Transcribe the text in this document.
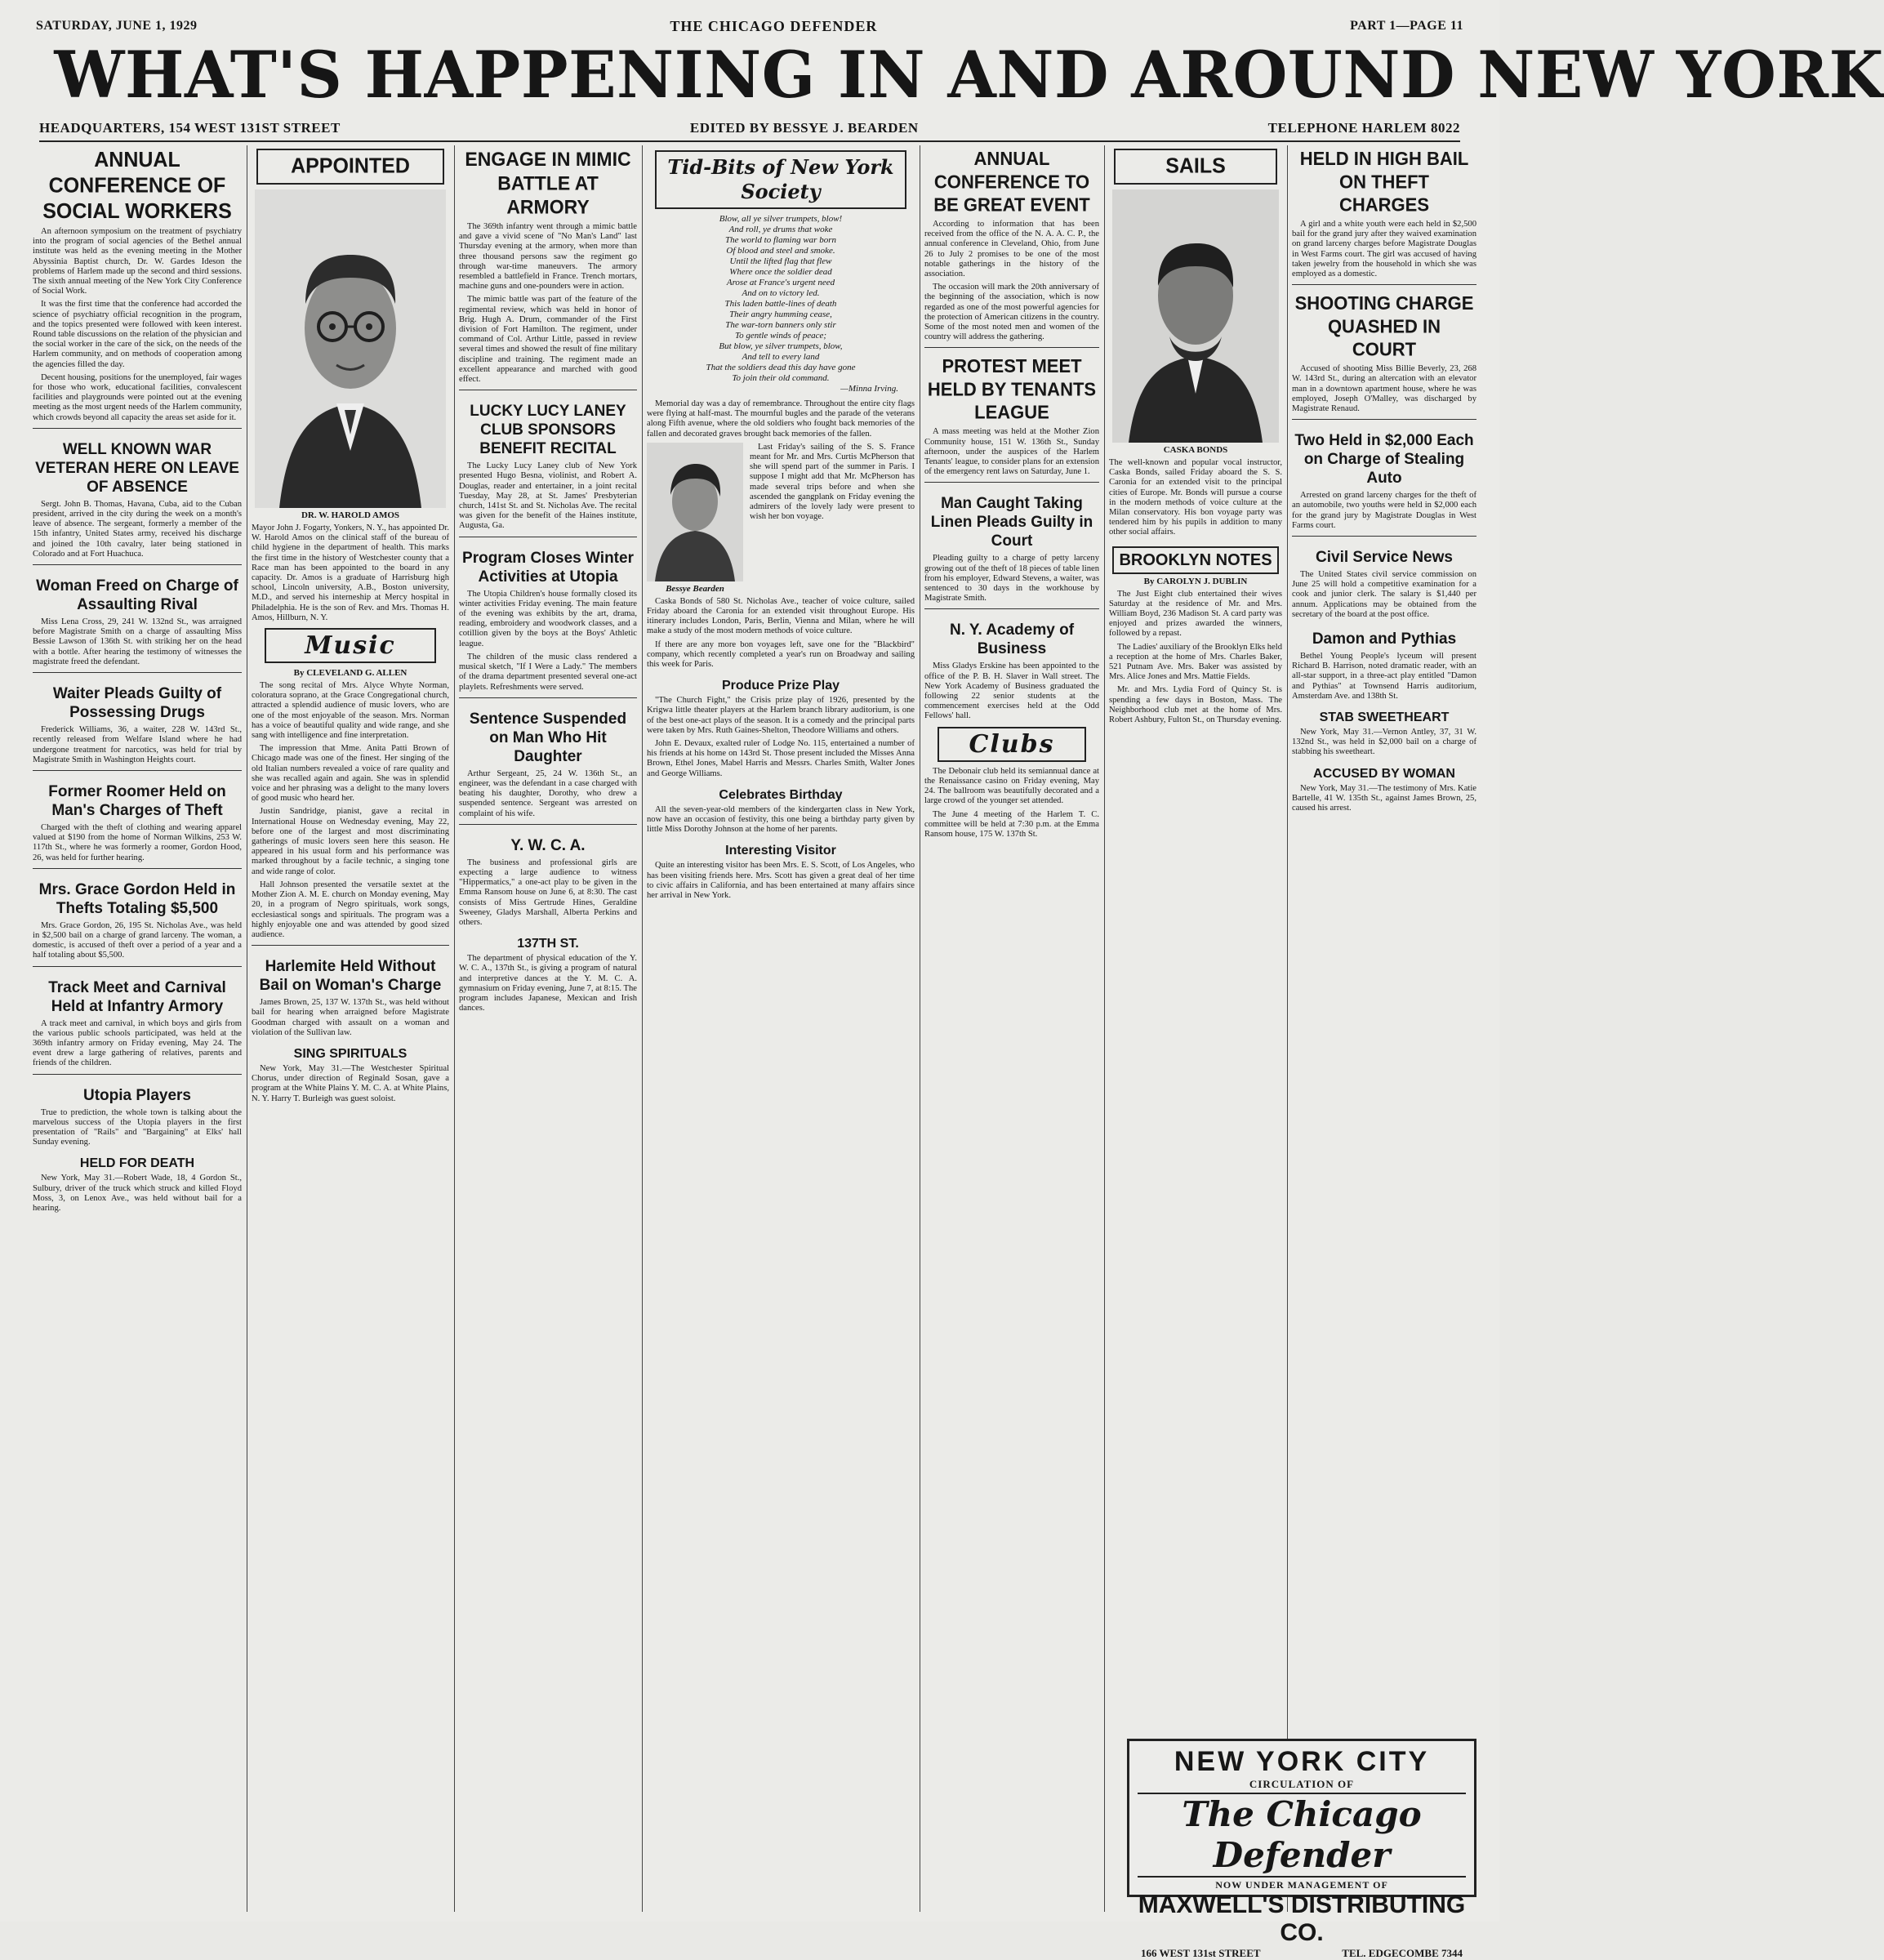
SATURDAY, JUNE 1, 1929	THE CHICAGO DEFENDER	PART 1—PAGE 11
WHAT'S HAPPENING IN AND AROUND NEW YORK
HEADQUARTERS, 154 WEST 131ST STREET	EDITED BY BESSYE J. BEARDEN	TELEPHONE HARLEM 8022
ANNUAL CONFERENCE OF SOCIAL WORKERS

An afternoon symposium on the treatment of psychiatry into the program of social agencies of the Bethel annual institute was held as the evening meeting in the Mother Abyssinia Baptist church, Dr. W. Gardes Ideson the problems of Harlem made up the second and third sessions. The sixth annual meeting of the New York City Conference of Social Work.

It was the first time that the conference had accorded the science of psychiatry official recognition in the program, and the topics presented were followed with keen interest. Round table discussions on the relation of the physician and the social worker in the care of the sick, on the needs of the Harlem community, and on methods of cooperation among the agencies filled the day.

Decent housing, positions for the unemployed, fair wages for those who work, educational facilities, convalescent facilities and playgrounds were pointed out at the evening meeting as the most urgent needs of the Harlem community, which crowds beyond all capacity the areas set aside for it.

WELL KNOWN WAR VETERAN HERE ON LEAVE OF ABSENCE

Sergt. John B. Thomas, Havana, Cuba, aid to the Cuban president, arrived in the city during the week on a month's leave of absence. The sergeant, formerly a member of the 15th infantry, United States army, received his discharge and joined the 10th cavalry, later being stationed in Colorado and at Fort Huachuca.

Woman Freed on Charge of Assaulting Rival

Miss Lena Cross, 29, 241 W. 132nd St., was arraigned before Magistrate Smith on a charge of assaulting Miss Bessie Lawson of 136th St. with striking her on the head with a bottle. After hearing the testimony of witnesses the magistrate freed the defendant.

Waiter Pleads Guilty of Possessing Drugs

Frederick Williams, 36, a waiter, 228 W. 143rd St., recently released from Welfare Island where he had undergone treatment for narcotics, was held for trial by Magistrate Smith in Washington Heights court.

Former Roomer Held on Man's Charges of Theft

Charged with the theft of clothing and wearing apparel valued at $190 from the home of Norman Wilkins, 253 W. 117th St., where he was formerly a roomer, Gordon Hood, 26, was held for further hearing.

Mrs. Grace Gordon Held in Thefts Totaling $5,500

Mrs. Grace Gordon, 26, 195 St. Nicholas Ave., was held in $2,500 bail on a charge of grand larceny. The woman, a domestic, is accused of theft over a period of a year and a half totaling about $5,500.

Track Meet and Carnival Held at Infantry Armory

A track meet and carnival, in which boys and girls from the various public schools participated, was held at the 369th infantry armory on Friday evening, May 24. The event drew a large gathering of relatives, parents and friends of the children.

Utopia Players

True to prediction, the whole town is talking about the marvelous success of the Utopia players in the first presentation of "Rails" and "Bargaining" at Elks' hall Sunday evening.

HELD FOR DEATH

New York, May 31.—Robert Wade, 18, 4 Gordon St., Sulbury, driver of the truck which struck and killed Floyd Moss, 3, on Lenox Ave., was held without bail for a hearing.

APPOINTED
DR. W. HAROLD AMOS
Mayor John J. Fogarty, Yonkers, N. Y., has appointed Dr. W. Harold Amos on the clinical staff of the bureau of child hygiene in the department of health. This marks the first time in the history of Westchester county that a Race man has been appointed to the board in any capacity. Dr. Amos is a graduate of Harrisburg high school, Lincoln university, A.B., Boston university, M.D., and served his interneship at Mercy hospital in Philadelphia. He is the son of Rev. and Mrs. Thomas H. Amos, Hillburn, N. Y.
Music
By CLEVELAND G. ALLEN

The song recital of Mrs. Alyce Whyte Norman, coloratura soprano, at the Grace Congregational church, attracted a splendid audience of music lovers, who are one of the most enjoyable of the season. Mrs. Norman has a voice of beautiful quality and wide range, and she sang with intelligence and fine interpretation.

The impression that Mme. Anita Patti Brown of Chicago made was one of the finest. Her singing of the old Italian numbers revealed a voice of rare quality and she was recalled again and again. She was in splendid voice and her phrasing was a delight to the many lovers of good music who heard her.

Justin Sandridge, pianist, gave a recital in International House on Wednesday evening, May 22, before one of the largest and most discriminating gatherings of music lovers seen here this season. He appeared in his usual form and his performance was marked throughout by a facile technic, a singing tone and wide range of color.

Hall Johnson presented the versatile sextet at the Mother Zion A. M. E. church on Monday evening, May 20, in a program of Negro spirituals, work songs, ecclesiastical songs and spirituals. The program was a highly enjoyable one and was attended by good sized audience.

Harlemite Held Without Bail on Woman's Charge

James Brown, 25, 137 W. 137th St., was held without bail for hearing when arraigned before Magistrate Goodman charged with assault on a woman and violation of the Sullivan law.

SING SPIRITUALS

New York, May 31.—The Westchester Spiritual Chorus, under direction of Reginald Sosan, gave a program at the White Plains Y. M. C. A. at White Plains, N. Y. Harry T. Burleigh was guest soloist.

ENGAGE IN MIMIC BATTLE AT ARMORY

The 369th infantry went through a mimic battle and gave a vivid scene of "No Man's Land" last Thursday evening at the armory, when more than three thousand persons saw the regiment go through war-time maneuvers. The armory resembled a battlefield in France. Trench mortars, machine guns and one-pounders were in action.

The mimic battle was part of the feature of the regimental review, which was held in honor of Brig. Hugh A. Drum, commander of the First division of Fort Hamilton. The regiment, under command of Col. Arthur Little, passed in review several times and showed the result of fine military discipline and training. The regiment made an excellent appearance and marched with good effect.

LUCKY LUCY LANEY CLUB SPONSORS BENEFIT RECITAL

The Lucky Lucy Laney club of New York presented Hugo Besna, violinist, and Robert A. Douglas, reader and entertainer, in a joint recital Tuesday, May 28, at St. James' Presbyterian church, 141st St. and St. Nicholas Ave. The recital was given for the benefit of the Haines institute, Augusta, Ga.

Program Closes Winter Activities at Utopia

The Utopia Children's house formally closed its winter activities Friday evening. The main feature of the evening was exhibits by the art, drama, reading, embroidery and woodwork classes, and a cotillion given by the boys at the Boys' Athletic league.

The children of the music class rendered a musical sketch, "If I Were a Lady." The members of the drama department presented several one-act playlets. Refreshments were served.

Sentence Suspended on Man Who Hit Daughter

Arthur Sergeant, 25, 24 W. 136th St., an engineer, was the defendant in a case charged with beating his daughter, Dorothy, who drew a suspended sentence. Sergeant was arrested on complaint of his wife.

Y. W. C. A.

The business and professional girls are expecting a large audience to witness "Hippermatics," a one-act play to be given in the Emma Ransom house on June 6, at 8:30. The cast consists of Miss Gertrude Hines, Geraldine Sweeney, Gladys Marshall, Alberta Perkins and others.

137TH ST.

The department of physical education of the Y. W. C. A., 137th St., is giving a program of natural and interpretive dances at the Y. M. C. A. gymnasium on Friday evening, June 7, at 8:15. The program includes Japanese, Mexican and Irish dances.

Tid-Bits of New York Society
Blow, all ye silver trumpets, blow!
And roll, ye drums that woke
The world to flaming war born
Of blood and steel and smoke.
Until the lifted flag that flew
Where once the soldier dead
Arose at France's urgent need
And on to victory led.
This laden battle-lines of death
Their angry humming cease,
The war-torn banners only stir
To gentle winds of peace;
But blow, ye silver trumpets, blow,
And tell to every land
That the soldiers dead this day have gone
To join their old command.
—Minna Irving.

Memorial day was a day of remembrance. Throughout the entire city flags were flying at half-mast. The mournful bugles and the parade of the veterans along Fifth avenue, where the old soldiers who fought back memories of the fallen and decorated graves brought back memories of the fallen.

Bessye Bearden

Last Friday's sailing of the S. S. France meant for Mr. and Mrs. Curtis McPherson that she will spend part of the summer in Paris. I suppose I might add that Mr. McPherson has made several trips before and when she ascended the gangplank on Friday evening the admirers of the lovely lady were present to wish her bon voyage.

Caska Bonds of 580 St. Nicholas Ave., teacher of voice culture, sailed Friday aboard the Caronia for an extended visit throughout Europe. His itinerary includes London, Paris, Berlin, Vienna and Milan, where he will make a study of the most modern methods of voice culture.

If there are any more bon voyages left, save one for the "Blackbird" company, which recently completed a year's run on Broadway and sailing this week for Paris.

Produce Prize Play

"The Church Fight," the Crisis prize play of 1926, presented by the Krigwa little theater players at the Harlem branch library auditorium, is one of the best one-act plays of the season. It is a comedy and the principal parts were taken by Mrs. Ruth Gaines-Shelton, Theodore Williams and others.

John E. Devaux, exalted ruler of Lodge No. 115, entertained a number of his friends at his home on 143rd St. Those present included the Misses Anna Brown, Ethel Jones, Mabel Harris and Messrs. Charles Smith, Walter Jones and George Williams.

Celebrates Birthday

All the seven-year-old members of the kindergarten class in New York, now have an occasion of festivity, this one being a birthday party given by little Miss Dorothy Johnson at the home of her parents.

Interesting Visitor

Quite an interesting visitor has been Mrs. E. S. Scott, of Los Angeles, who has been visiting friends here. Mrs. Scott has given a great deal of her time to civic affairs in California, and has been entertained at many affairs since her arrival in New York.

ANNUAL CONFERENCE TO BE GREAT EVENT

According to information that has been received from the office of the N. A. A. C. P., the annual conference in Cleveland, Ohio, from June 26 to July 2 promises to be one of the most notable gatherings in the history of the association.

The occasion will mark the 20th anniversary of the beginning of the association, which is now regarded as one of the most powerful agencies for the protection of American citizens in the country. Some of the most noted men and women of the country will address the gathering.

PROTEST MEET HELD BY TENANTS LEAGUE

A mass meeting was held at the Mother Zion Community house, 151 W. 136th St., Sunday afternoon, under the auspices of the Harlem Tenants' league, to consider plans for an extension of the emergency rent laws on Saturday, June 1.

Man Caught Taking Linen Pleads Guilty in Court

Pleading guilty to a charge of petty larceny growing out of the theft of 18 pieces of table linen from his employer, Edward Stevens, a waiter, was sentenced to 30 days in the workhouse by Magistrate Smith.

N. Y. Academy of Business

Miss Gladys Erskine has been appointed to the office of the P. B. H. Slaver in Wall street. The New York Academy of Business graduated the following 22 senior students at the commencement exercises held at the Odd Fellows' hall.

Clubs

The Debonair club held its semiannual dance at the Renaissance casino on Friday evening, May 24. The ballroom was beautifully decorated and a large crowd of the younger set attended.

The June 4 meeting of the Harlem T. C. committee will be held at 7:30 p.m. at the Emma Ransom house, 175 W. 137th St.

SAILS
CASKA BONDS
The well-known and popular vocal instructor, Caska Bonds, sailed Friday aboard the S. S. Caronia for an extended visit to the principal cities of Europe. Mr. Bonds will pursue a course in the modern methods of voice culture at the Milan conservatory. His bon voyage party was tendered him by his pupils in addition to many other social affairs.
BROOKLYN NOTES
By CAROLYN J. DUBLIN

The Just Eight club entertained their wives Saturday at the residence of Mr. and Mrs. William Boyd, 236 Madison St. A card party was enjoyed and prizes awarded the winners, followed by a repast.

The Ladies' auxiliary of the Brooklyn Elks held a reception at the home of Mrs. Charles Baker, 521 Putnam Ave. Mrs. Baker was assisted by Mrs. Alice Jones and Mrs. Mattie Fields.

Mr. and Mrs. Lydia Ford of Quincy St. is spending a few days in Boston, Mass. The Neighborhood club met at the home of Mrs. Robert Ashbury, Fulton St., on Thursday evening.

HELD IN HIGH BAIL ON THEFT CHARGES

A girl and a white youth were each held in $2,500 bail for the grand jury after they waived examination on grand larceny charges before Magistrate Douglas in West Farms court. The girl was accused of having taken jewelry from the household in which she was employed as a domestic.

SHOOTING CHARGE QUASHED IN COURT

Accused of shooting Miss Billie Beverly, 23, 268 W. 143rd St., during an altercation with an elevator man in a downtown apartment house, where he was employed, Joseph O'Malley, was discharged by Magistrate Renaud.

Two Held in $2,000 Each on Charge of Stealing Auto

Arrested on grand larceny charges for the theft of an automobile, two youths were held in $2,000 each for the grand jury by Magistrate Douglas in West Farms court.

Civil Service News

The United States civil service commission on June 25 will hold a competitive examination for a cook and junior clerk. The salary is $1,440 per annum. Applications may be obtained from the secretary of the board at the post office.

Damon and Pythias

Bethel Young People's lyceum will present Richard B. Harrison, noted dramatic reader, with an all-star support, in a three-act play entitled "Damon and Pythias" at Townsend Harris auditorium, Amsterdam Ave. and 138th St.

STAB SWEETHEART

New York, May 31.—Vernon Antley, 37, 31 W. 132nd St., was held in $2,000 bail on a charge of stabbing his sweetheart.

ACCUSED BY WOMAN

New York, May 31.—The testimony of Mrs. Katie Bartelle, 41 W. 135th St., against James Brown, 25, caused his arrest.

NEW YORK CITY
CIRCULATION OF
The Chicago Defender
NOW UNDER MANAGEMENT OF
MAXWELL'S DISTRIBUTING CO.
166 WEST 131st STREET	TEL. EDGECOMBE 7344
